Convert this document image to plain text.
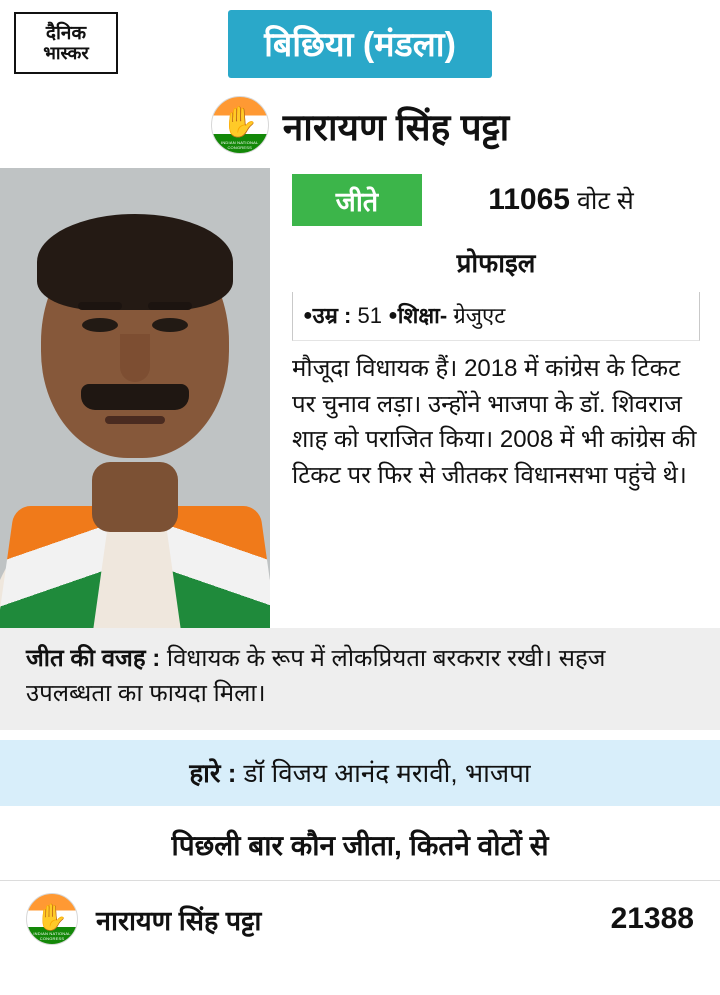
दैनिक
भास्कर	बिछिया (मंडला)
✋
INDIAN NATIONAL CONGRESS नारायण सिंह पट्टा
जीते	11065 वोट से
प्रोफाइल
●उम्र : 51 ●शिक्षा- ग्रेजुएट
मौजूदा विधायक हैं। 2018 में कांग्रेस के टिकट पर चुनाव लड़ा। उन्होंने भाजपा के डॉ. शिवराज शाह को पराजित किया। 2008 में भी कांग्रेस की टिकट पर फिर से जीतकर विधानसभा पहुंचे थे।
जीत की वजह : विधायक के रूप में लोकप्रियता बरकरार रखी। सहज उपलब्धता का फायदा मिला।
हारे : डॉ विजय आनंद मरावी, भाजपा
पिछली बार कौन जीता, कितने वोटों से
✋
INDIAN NATIONAL CONGRESS
नारायण सिंह पट्टा	21388
